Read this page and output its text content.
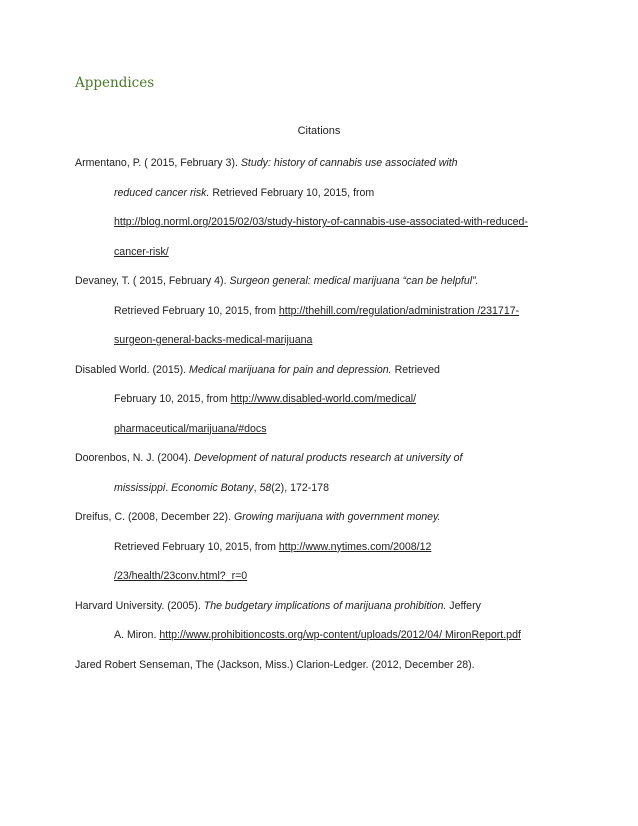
Appendices
Citations
Armentano, P. ( 2015, February 3). Study: history of cannabis use associated with
reduced cancer risk. Retrieved February 10, 2015, from
http://blog.norml.org/2015/02/03/study-history-of-cannabis-use-associated-with-reduced-
cancer-risk/
Devaney, T. ( 2015, February 4). Surgeon general: medical marijuana “can be helpful”.
Retrieved February 10, 2015, from http://thehill.com/regulation/administration /231717-
surgeon-general-backs-medical-marijuana
Disabled World. (2015). Medical marijuana for pain and depression. Retrieved
February 10, 2015, from http://www.disabled-world.com/medical/
pharmaceutical/marijuana/#docs
Doorenbos, N. J. (2004). Development of natural products research at university of
mississippi. Economic Botany, 58(2), 172-178
Dreifus, C. (2008, December 22). Growing marijuana with government money.
Retrieved February 10, 2015, from http://www.nytimes.com/2008/12
/23/health/23conv.html?_r=0
Harvard University. (2005). The budgetary implications of marijuana prohibition. Jeffery
A. Miron. http://www.prohibitioncosts.org/wp-content/uploads/2012/04/ MironReport.pdf
Jared Robert Senseman, The (Jackson, Miss.) Clarion-Ledger. (2012, December 28).
